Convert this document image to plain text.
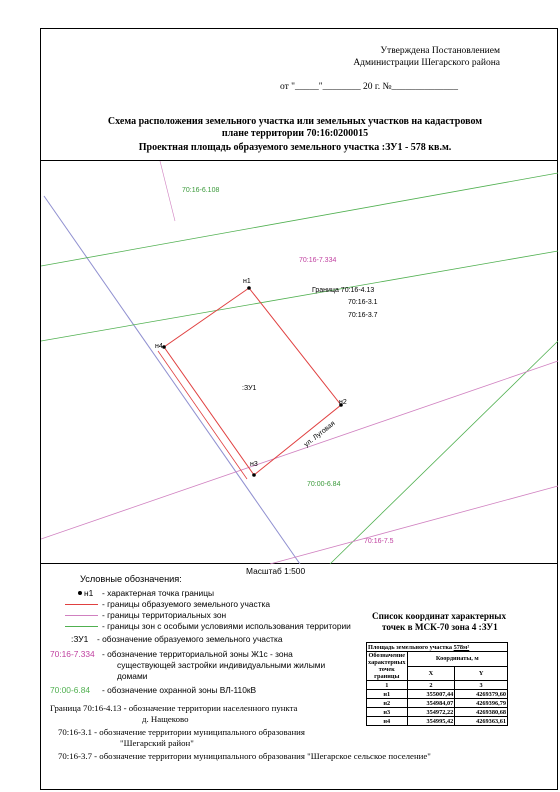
Утверждена Постановлением
Администрации Шегарского района
от "_____"________ 20 г. №______________
Схема расположения земельного участка или земельных участков на кадастровом
плане территории 70:16:0200015
Проектная площадь образуемого земельного участка :ЗУ1 - 578 кв.м.
70:16-6.108
70:16-7.334
Граница 70:16-4.13
70:16-3.1
70:16-3.7
:ЗУ1
н1
н2
н3
н4
ул. Луговая
70:00-6.84
70:16-7.5
Масштаб 1:500
Условные обозначения:
н1 - характерная точка границы
- границы образуемого земельного участка
- границы территориальных зон
- границы зон с особыми условиями использования территории
:ЗУ1 - обозначение образуемого земельного участка
70:16-7.334 - обозначение территориальной зоны Ж1с - зона
существующей застройки индивидуальными жилыми
домами
70:00-6.84 - обозначение охранной зоны ВЛ-110кВ
Граница 70:16-4.13 - обозначение территории населенного пункта
д. Нащеково
70:16-3.1 - обозначение территории муниципального образования
"Шегарский район"
70:16-3.7 - обозначение территории муниципального образования "Шегарское сельское поселение"
Список координат характерных
точек в МСК-70 зона 4 :ЗУ1
Площадь земельного участка 578м²		
Обозначение характерных точек границы	Координаты, м	
	X	Y
1	2	3
н1	355007,44	4269379,60
н2	354984,07	4269396,79
н3	354972,22	4269380,68
н4	354995,42	4269363,61
